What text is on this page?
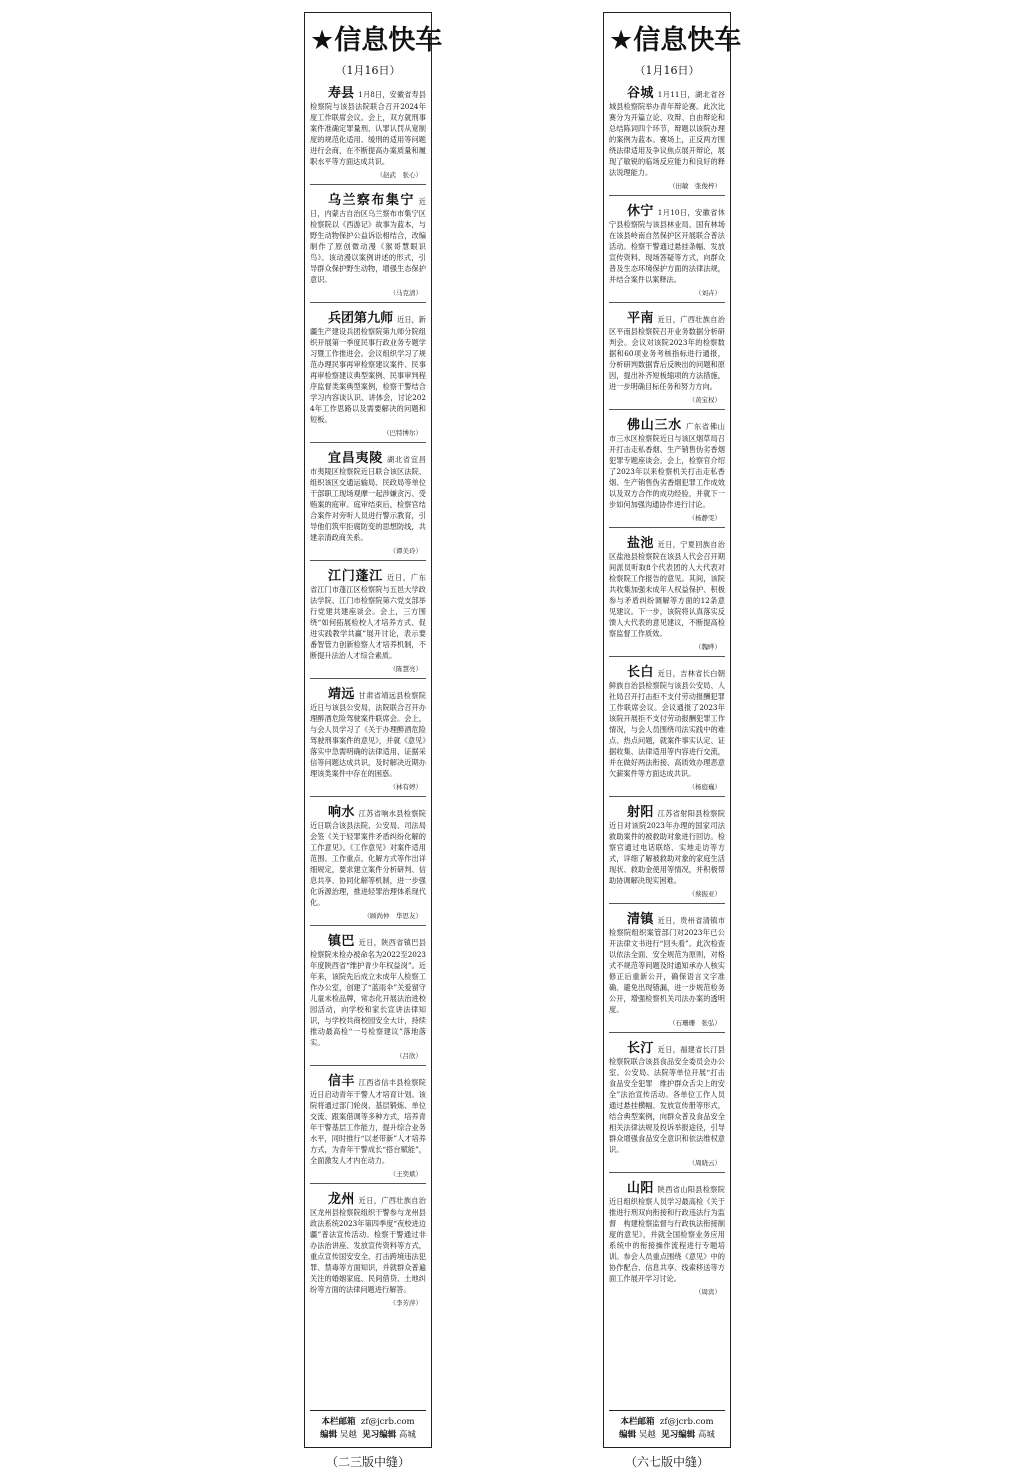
★信息快车
（1月16日）
寿县 1月8日，安徽省寿县检察院与该县法院联合召开2024年度工作联席会议。会上，双方就刑事案件准确定罪量刑、认罪认罚从宽制度的规范化适用、缓刑的适用等问题进行会商，在不断提高办案质量和履职水平等方面达成共识。
（赵武　张心）
乌兰察布集宁 近日，内蒙古自治区乌兰察布市集宁区检察院以《西游记》故事为蓝本，与野生动物保护公益诉讼相结合，改编制作了原创微动漫《猴哥慧眼识鸟》。该动漫以案例讲述的形式，引导群众保护野生动物，增强生态保护意识。
（马克清）
兵团第九师 近日，新疆生产建设兵团检察院第九师分院组织开展第一季度民事行政业务专题学习暨工作推进会。会议组织学习了规范办理民事再审检察建议案件、民事再审检察建议典型案例、民事审判程序监督类案典型案例，检察干警结合学习内容谈认识、讲体会，讨论2024年工作思路以及需要解决的问题和短板。
（巴特博尔）
宜昌夷陵 湖北省宜昌市夷陵区检察院近日联合该区法院、组织该区交通运输局、民政局等单位干部职工现场观摩一起涉嫌贪污、受贿案的庭审。庭审结束后，检察官结合案件对旁听人员进行警示教育，引导他们筑牢拒腐防变的思想防线，共建亲清政商关系。
（谭美玲）
江门蓬江 近日，广东省江门市蓬江区检察院与五邑大学政法学院、江门市检察院第六党支部举行党建共建座谈会。会上，三方围绕“如何拓展检校人才培养方式、促进实践教学共赢”展开讨论，表示要番智管力创新检察人才培养机制，不断提升法治人才综合素质。
（陈慧亮）
靖远 甘肃省靖远县检察院近日与该县公安局、法院联合召开办理醉酒危险驾驶案件联席会。会上，与会人员学习了《关于办理醉酒危险驾驶刑事案件的意见》，并就《意见》落实中急需明确的法律适用、证据采信等问题达成共识，及时解决近期办理该类案件中存在的困惑。
（林有婷）
响水 江苏省响水县检察院近日联合该县法院、公安局、司法局会签《关于轻罪案件矛盾纠纷化解的工作意见》。《工作意见》对案件适用范围、工作重点、化解方式等作出详细规定，要求建立案件分析研判、信息共享、协同化解等机制，进一步强化诉源治理，推进轻罪治理体系现代化。
（顾尚仲　华思友）
镇巴 近日，陕西省镇巴县检察院未检办被命名为2022至2023年度陕西省“维护青少年权益岗”。近年来，该院先后成立未成年人检察工作办公室，创建了“蓝雨伞”关爱留守儿童未检品牌，常态化开展法治进校园活动，向学校和家长宣讲法律知识，与学校共商校园安全大计，持续推动最高检“一号检察建议”落地落实。
（吕欣）
信丰 江西省信丰县检察院近日启动青年干警人才培育计划。该院将通过部门轮岗、基层锻炼、单位交流、跟案借调等多种方式，培养青年干警基层工作能力，提升综合业务水平，同时推行“以老带新”人才培养方式，为青年干警成长“搭台赋能”，全面激发人才内在动力。
（王奕斌）
龙州 近日，广西壮族自治区龙州县检察院组织干警参与龙州县政法系统2023年第四季度“夜校进边疆”普法宣传活动。检察干警通过非办法治讲座、发放宣传资料等方式，重点宣传国安安全、打击跨境违法犯罪、禁毒等方面知识，并就群众普遍关注的婚姻家庭、民间借贷、土地纠纷等方面的法律问题进行解答。
（李芳萍）
本栏邮箱 zf@jcrb.com
编辑 吴越 见习编辑 高城
（二三版中缝）
★信息快车
（1月16日）
谷城 1月11日，湖北省谷城县检察院举办青年辩论赛。此次比赛分为开篇立论、攻辩、自由辩论和总结陈词四个环节，辩题以该院办理的案例为蓝本。赛场上，正反两方围绕法律适用及争议焦点展开辩论，展现了敏锐的临场反应能力和良好的释法说理能力。
（田敏　张俊梓）
休宁 1月10日，安徽省休宁县检察院与该县林业局、国有林场在该县岭南自然保护区开展联合普法活动。检察干警通过悬挂条幅、发放宣传资料、现场答疑等方式，向群众普及生态环境保护方面的法律法规，并结合案件以案释法。
（刘卉）
平南 近日，广西壮族自治区平南县检察院召开业务数据分析研判会。会议对该院2023年的检察数据和60项业务考核指标进行通报，分析研判数据背后反映出的问题和原因，提出补齐短板缩项的方法措施，进一步明确目标任务和努力方向。
（黄宝权）
佛山三水 广东省佛山市三水区检察院近日与该区烟草局召开打击走私香烟、生产销售伪劣香烟犯罪专题座谈会。会上，检察官介绍了2023年以来检察机关打击走私香烟、生产销售伪劣香烟犯罪工作成效以及双方合作的成功经验，并就下一步如何加强沟通协作进行讨论。
（杨静雯）
盐池 近日，宁夏回族自治区盐池县检察院在该县人代会召开期间派员听取8个代表团的人大代表对检察院工作报告的意见。其间，该院共收集加强未成年人权益保护、积极参与矛盾纠纷调解等方面的12条意见建议。下一步，该院将认真落实反馈人大代表的意见建议，不断提高检察监督工作质效。
（魏晔）
长白 近日，吉林省长白朝鲜族自治县检察院与该县公安局、人社局召开打击拒不支付劳动报酬犯罪工作联席会议。会议通报了2023年该院开展拒不支付劳动报酬犯罪工作情况，与会人员围绕司法实践中的难点、热点问题，就案件事实认定、证据收集、法律适用等内容进行交流，并在做好两法衔接、高质效办理恶意欠薪案件等方面达成共识。
（杨庭巍）
射阳 江苏省射阳县检察院近日对该院2023年办理的国家司法救助案件的被救助对象进行回访。检察官通过电话联络、实地走访等方式，详细了解被救助对象的家庭生活现状、救助金使用等情况，并积极帮助协调解决现实困难。
（蔡振亚）
清镇 近日，贵州省清镇市检察院组织案管部门对2023年已公开法律文书进行“回头看”。此次检查以依法全面、安全规范为原则，对格式不规范等问题及时通知承办人核实修正后重新公开，确保语言文字准确、避免出现错漏，进一步规范检务公开，增强检察机关司法办案的透明度。
（石珊珊　张弘）
长汀 近日，福建省长汀县检察院联合该县食品安全委员会办公室、公安局、法院等单位开展“打击食品安全犯罪　维护群众舌尖上的安全”法治宣传活动。各单位工作人员通过悬挂横幅、发放宣传册等形式，结合典型案例，向群众普及食品安全相关法律法规及投诉举报途径，引导群众增强食品安全意识和依法维权意识。
（周晓云）
山阳 陕西省山阳县检察院近日组织检察人员学习最高检《关于推进行刑双向衔接和行政违法行为监督　构建检察监督与行政执法衔接制度的意见》，并就全国检察业务应用系统中的衔接操作流程进行专题培训。参会人员重点围绕《意见》中的协作配合、信息共享、线索移送等方面工作展开学习讨论。
（周宾）
本栏邮箱 zf@jcrb.com
编辑 吴越 见习编辑 高城
（六七版中缝）
